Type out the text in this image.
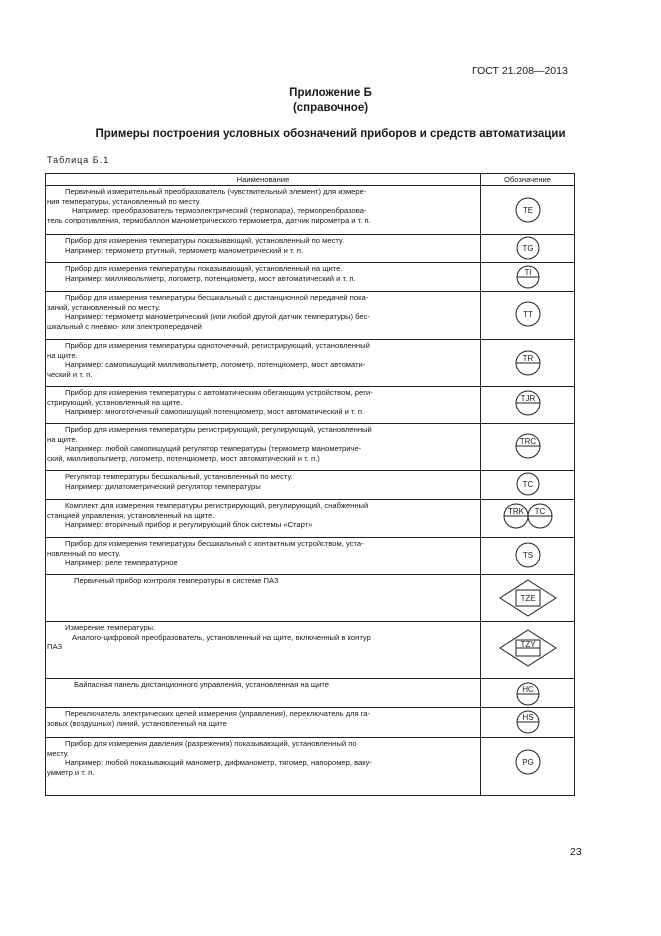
ГОСТ 21.208—2013
Приложение Б
(справочное)
Примеры построения условных обозначений приборов и средств автоматизации
Таблица Б.1
Наименование	Обозначение

Первичный измерительный преобразователь (чувствительный элемент) для измере-
ния температуры, установленный по месту.
Например: преобразователь термоэлектрический (термопара), термопреобразова-
тель сопротивления, термобаллон манометрического термометра, датчик пирометра и т. п.	TE

Прибор для измерения температуры показывающий, установленный по месту.
Например: термометр ртутный, термометр манометрический и т. п.	TG

Прибор для измерения температуры показывающий, установленный на щите.
Например: милливольтметр, логометр, потенциометр, мост автоматический и т. п.	TI

Прибор для измерения температуры бесшкальный с дистанционной передачей пока-
заний, установленный по месту.
Например: термометр манометрический (или любой другой датчик температуры) бес-
шкальный с пневмо- или электропередачей	TT

Прибор для измерения температуры одноточечный, регистрирующий, установленный
на щите.
Например: самопишущий милливольтметр, логометр, потенциометр, мост автомати-
ческий и т. п.	TR

Прибор для измерения температуры с автоматическим обегающим устройством, реги-
стрирующий, установленный на щите.
Например: многоточечный самопишущий потенциометр, мост автоматический и т. п.	TJR

Прибор для измерения температуры регистрирующий, регулирующий, установленный
на щите.
Например: любой самопишущий регулятор температуры (термометр манометриче-
ский, милливольтметр, логометр, потенциометр, мост автоматический и т. п.)	TRC

Регулятор температуры бесшкальный, установленный по месту.
Например: дилатометрический регулятор температуры	TC

Комплект для измерения температуры регистрирующий, регулирующий, снабженный
станцией управления, установленный на щите.
Например: вторичный прибор и регулирующий блок системы «Старт»	TRK TC

Прибор для измерения температуры бесшкальный с контактным устройством, уста-
новленный по месту.
Например: реле температурное	TS

Первичный прибор контроля температуры в системе ПАЗ	TZE

Измерение температуры.
Аналого-цифровой преобразователь, установленный на щите, включенный в контур
ПАЗ	TZY

Байпасная панель дистанционного управления, установленная на щите	HC

Переключатель электрических цепей измерения (управления), переключатель для га-
зовых (воздушных) линий, установленный на щите	HS

Прибор для измерения давления (разрежения) показывающий, установленный по
месту.
Например: любой показывающий манометр, дифманометр, тягомер, напоромер, ваку-
умметр и т. п.	PG
23
